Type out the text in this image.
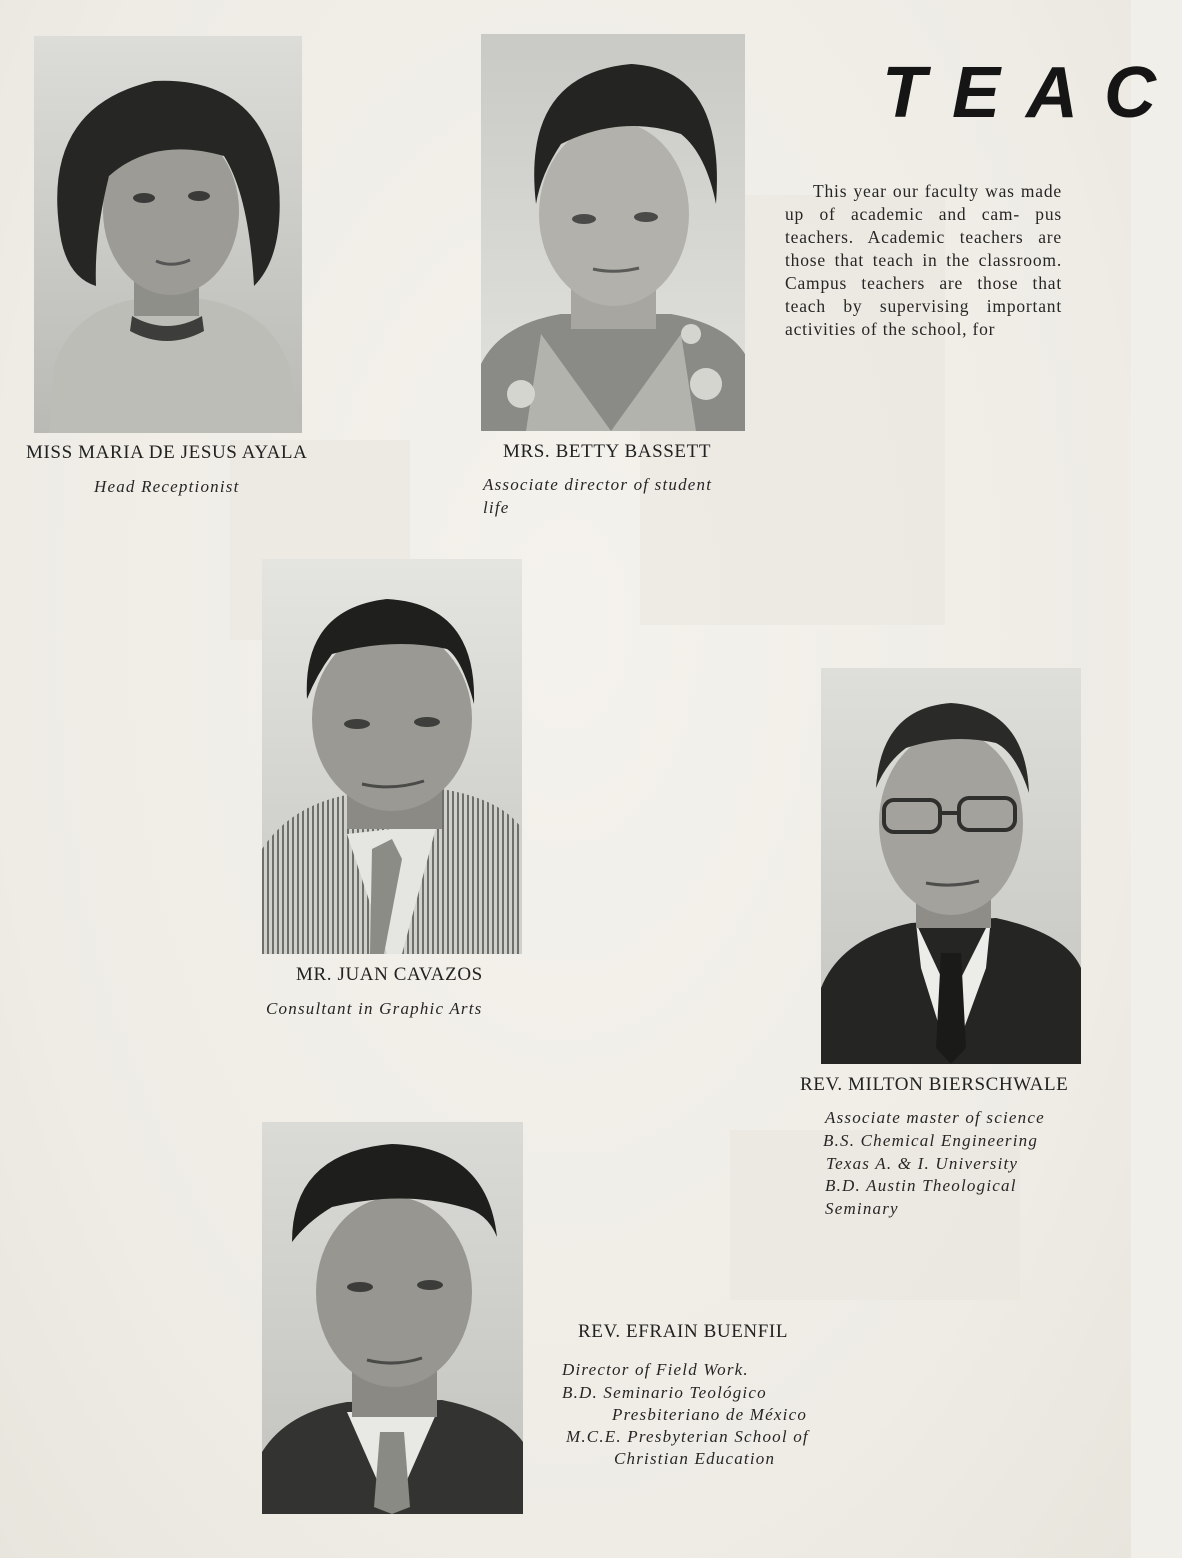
TEAC
This year our faculty was made up of academic and cam- pus teachers. Academic teachers are those that teach in the classroom. Campus teachers are those that teach by supervising important activities of the school, for
MISS MARIA DE JESUS AYALA
Head Receptionist
MRS. BETTY BASSETT
Associate director of student
life
MR. JUAN CAVAZOS
Consultant in Graphic Arts
REV. MILTON BIERSCHWALE
Associate master of science
B.S. Chemical Engineering
Texas A. & I. University
B.D. Austin Theological
Seminary
REV. EFRAIN BUENFIL
Director of Field Work.
B.D. Seminario Teológico
Presbiteriano de México
M.C.E. Presbyterian School of
Christian Education
